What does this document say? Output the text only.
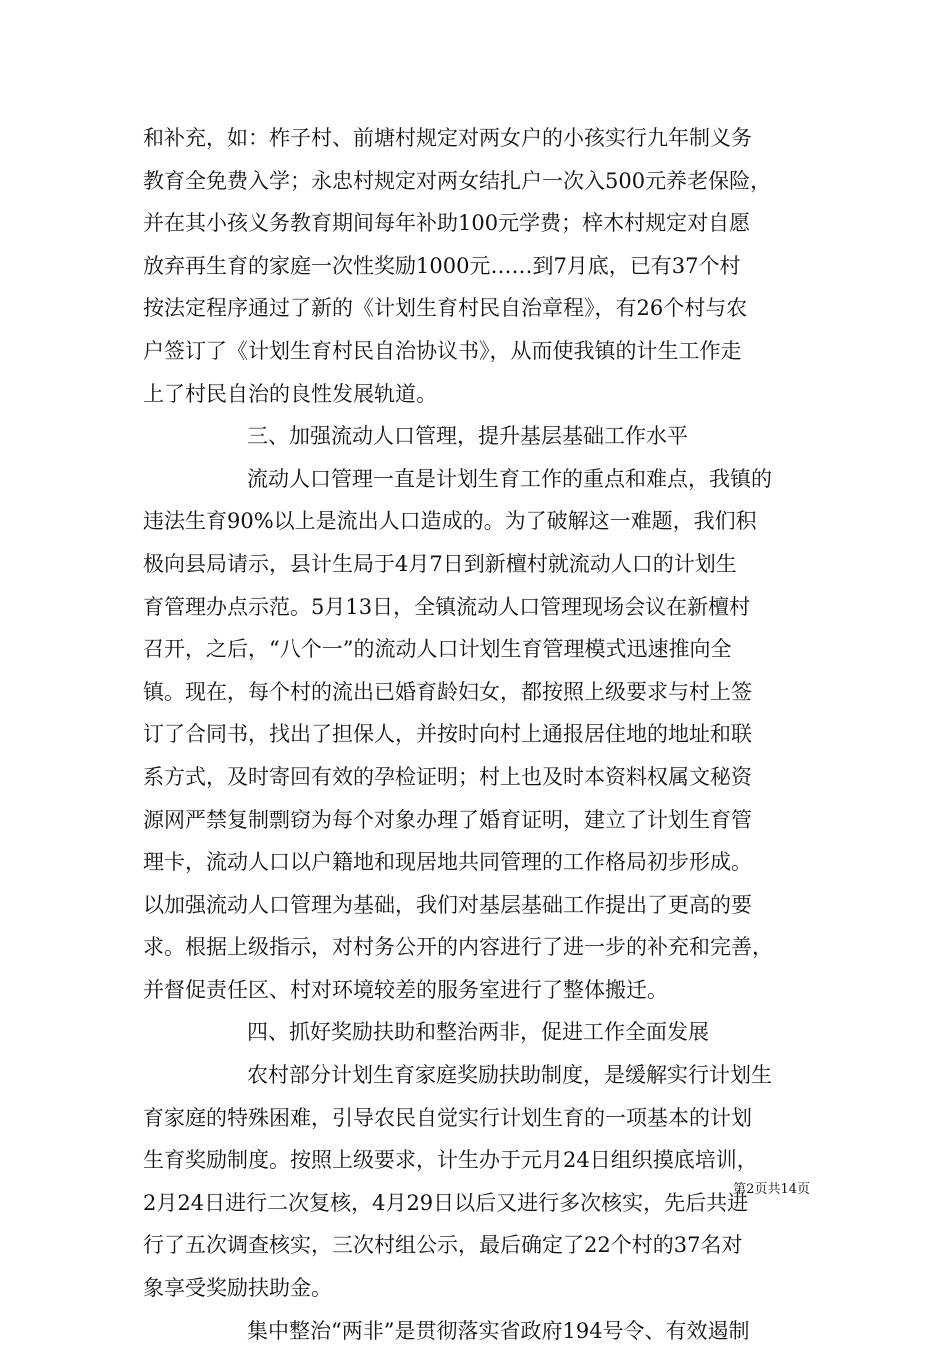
和补充，如：柞子村、前塘村规定对两女户的小孩实行九年制义务
教育全免费入学；永忠村规定对两女结扎户一次入500元养老保险，
并在其小孩义务教育期间每年补助100元学费；梓木村规定对自愿
放弃再生育的家庭一次性奖励1000元……到7月底，已有37个村
按法定程序通过了新的《计划生育村民自治章程》，有26个村与农
户签订了《计划生育村民自治协议书》，从而使我镇的计生工作走
上了村民自治的良性发展轨道。
三、加强流动人口管理，提升基层基础工作水平
流动人口管理一直是计划生育工作的重点和难点，我镇的
违法生育90%以上是流出人口造成的。为了破解这一难题，我们积
极向县局请示，县计生局于4月7日到新檀村就流动人口的计划生
育管理办点示范。5月13日，全镇流动人口管理现场会议在新檀村
召开，之后，“八个一”的流动人口计划生育管理模式迅速推向全
镇。现在，每个村的流出已婚育龄妇女，都按照上级要求与村上签
订了合同书，找出了担保人，并按时向村上通报居住地的地址和联
系方式，及时寄回有效的孕检证明；村上也及时本资料权属文秘资
源网严禁复制剽窃为每个对象办理了婚育证明，建立了计划生育管
理卡，流动人口以户籍地和现居地共同管理的工作格局初步形成。
以加强流动人口管理为基础，我们对基层基础工作提出了更高的要
求。根据上级指示，对村务公开的内容进行了进一步的补充和完善，
并督促责任区、村对环境较差的服务室进行了整体搬迁。
四、抓好奖励扶助和整治两非，促进工作全面发展
农村部分计划生育家庭奖励扶助制度，是缓解实行计划生
育家庭的特殊困难，引导农民自觉实行计划生育的一项基本的计划
生育奖励制度。按照上级要求，计生办于元月24日组织摸底培训，
2月24日进行二次复核，4月29日以后又进行多次核实，先后共进
行了五次调查核实，三次村组公示，最后确定了22个村的37名对
象享受奖励扶助金。
集中整治“两非”是贯彻落实省政府194号令、有效遏制
第2页共14页
